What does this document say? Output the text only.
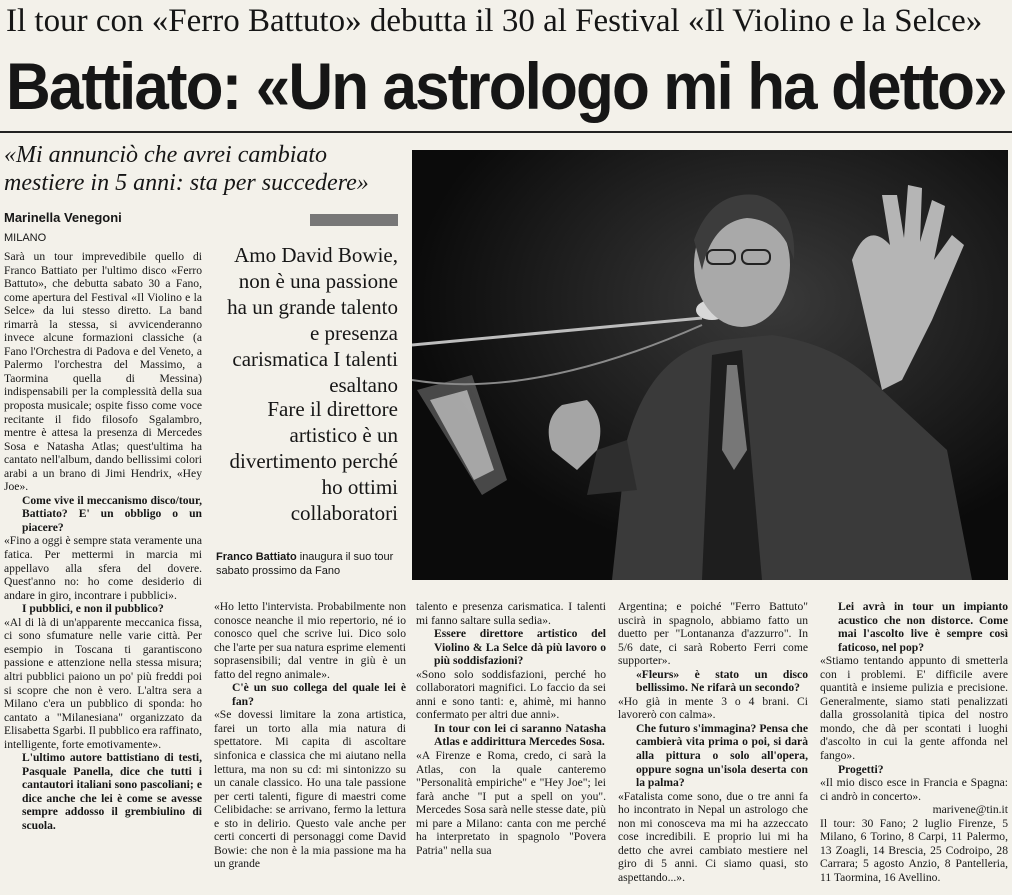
Il tour con «Ferro Battuto» debutta il 30 al Festival «Il Violino e la Selce»
Battiato: «Un astrologo mi ha detto»
«Mi annunciò che avrei cambiato mestiere in 5 anni: sta per succedere»
Marinella Venegoni
MILANO

Sarà un tour imprevedibile quello di Franco Battiato per l'ultimo disco «Ferro Battuto», che debutta sabato 30 a Fano, come apertura del Festival «Il Violino e la Selce» da lui stesso diretto. La band rimarrà la stessa, si avvicenderanno invece alcune formazioni classiche (a Fano l'Orchestra di Padova e del Veneto, a Palermo l'orchestra del Massimo, a Taormina quella di Messina) indispensabili per la complessità della sua proposta musicale; ospite fisso come voce recitante il fido filosofo Sgalambro, mentre è attesa la presenza di Mercedes Sosa e Natasha Atlas; quest'ultima ha cantato nell'album, dando bellissimi colori arabi a un brano di Jimi Hendrix, «Hey Joe».

Come vive il meccanismo disco/tour, Battiato? E' un obbligo o un piacere?

«Fino a oggi è sempre stata veramente una fatica. Per mettermi in marcia mi appellavo alla sfera del dovere. Quest'anno no: ho come desiderio di andare in giro, incontrare i pubblici».

I pubblici, e non il pubblico?

«Al di là di un'apparente meccanica fissa, ci sono sfumature nelle varie città. Per esempio in Toscana ti garantiscono passione e attenzione nella stessa misura; altri pubblici paiono un po' più freddi poi si scopre che non è vero. L'altra sera a Milano c'era un pubblico di sponda: ho cantato a "Milanesiana" organizzato da Elisabetta Sgarbi. Il pubblico era raffinato, intelligente, forte emotivamente».

L'ultimo autore battistiano di testi, Pasquale Panella, dice che tutti i cantautori italiani sono pascoliani; e dice anche che lei è come se avesse sempre addosso il grembiulino di scuola.

Amo David Bowie, non è una passione ha un grande talento e presenza carismatica I talenti esaltano
Fare il direttore artistico è un divertimento perché ho ottimi collaboratori
Franco Battiato inaugura il suo tour sabato prossimo da Fano

«Ho letto l'intervista. Probabilmente non conosce neanche il mio repertorio, né io conosco quel che scrive lui. Dico solo che l'arte per sua natura esprime elementi soprasensibili; dal ventre in giù è un fatto del regno animale».

C'è un suo collega del quale lei è fan?

«Se dovessi limitare la zona artistica, farei un torto alla mia natura di spettatore. Mi capita di ascoltare sinfonica e classica che mi aiutano nella lettura, ma non su cd: mi sintonizzo su un canale classico. Ho una tale passione per certi talenti, figure di maestri come Celibidache: se arrivano, fermo la lettura e sto in delirio. Questo vale anche per certi concerti di personaggi come David Bowie: che non è la mia passione ma ha un grande

talento e presenza carismatica. I talenti mi fanno saltare sulla sedia».

Essere direttore artistico del Violino & La Selce dà più lavoro o più soddisfazioni?

«Sono solo soddisfazioni, perché ho collaboratori magnifici. Lo faccio da sei anni e sono tanti: e, ahimè, mi hanno confermato per altri due anni».

In tour con lei ci saranno Natasha Atlas e addirittura Mercedes Sosa.

«A Firenze e Roma, credo, ci sarà la Atlas, con la quale canteremo "Personalità empiriche" e "Hey Joe"; lei farà anche "I put a spell on you". Mercedes Sosa sarà nelle stesse date, più mi pare a Milano: canta con me perché ha interpretato in spagnolo "Povera Patria" nella sua

Argentina; e poiché "Ferro Battuto" uscirà in spagnolo, abbiamo fatto un duetto per "Lontananza d'azzurro". In 5/6 date, ci sarà Roberto Ferri come supporter».

«Fleurs» è stato un disco bellissimo. Ne rifarà un secondo?

«Ho già in mente 3 o 4 brani. Ci lavorerò con calma».

Che futuro s'immagina? Pensa che cambierà vita prima o poi, si darà alla pittura o solo all'opera, oppure sogna un'isola deserta con la palma?

«Fatalista come sono, due o tre anni fa ho incontrato in Nepal un astrologo che non mi conosceva ma mi ha azzeccato cose incredibili. E proprio lui mi ha detto che avrei cambiato mestiere nel giro di 5 anni. Ci siamo quasi, sto aspettando...».

Lei avrà in tour un impianto acustico che non distorce. Come mai l'ascolto live è sempre così faticoso, nel pop?

«Stiamo tentando appunto di smetterla con i problemi. E' difficile avere quantità e insieme pulizia e precisione. Generalmente, siamo stati penalizzati dalla grossolanità tipica del nostro mondo, che dà per scontati i luoghi d'ascolto in cui la gente affonda nel fango».

Progetti?

«Il mio disco esce in Francia e Spagna: ci andrò in concerto».

marivene@tin.it

Il tour: 30 Fano; 2 luglio Firenze, 5 Milano, 6 Torino, 8 Carpi, 11 Palermo, 13 Zoagli, 14 Brescia, 25 Codroipo, 28 Carrara; 5 agosto Anzio, 8 Pantelleria, 11 Taormina, 16 Avellino.
